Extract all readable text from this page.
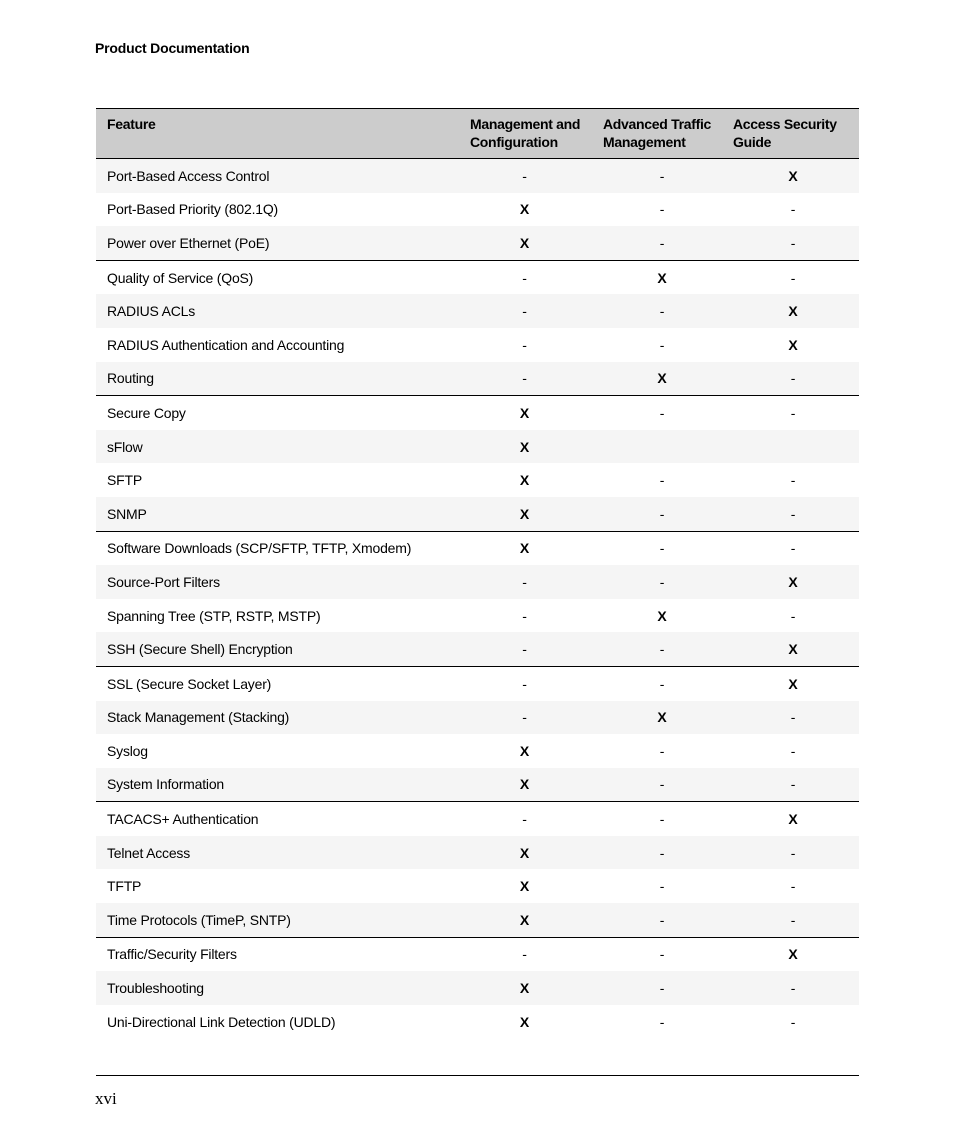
Product Documentation
Feature	Management and Configuration	Advanced Traffic Management	Access Security Guide
Port-Based Access Control	-	-	X
Port-Based Priority (802.1Q)	X	-	-
Power over Ethernet (PoE)	X	-	-
Quality of Service (QoS)	-	X	-
RADIUS ACLs	-	-	X
RADIUS Authentication and Accounting	-	-	X
Routing	-	X	-
Secure Copy	X	-	-
sFlow	X		
SFTP	X	-	-
SNMP	X	-	-
Software Downloads (SCP/SFTP, TFTP, Xmodem)	X	-	-
Source-Port Filters	-	-	X
Spanning Tree (STP, RSTP, MSTP)	-	X	-
SSH (Secure Shell) Encryption	-	-	X
SSL (Secure Socket Layer)	-	-	X
Stack Management (Stacking)	-	X	-
Syslog	X	-	-
System Information	X	-	-
TACACS+ Authentication	-	-	X
Telnet Access	X	-	-
TFTP	X	-	-
Time Protocols (TimeP, SNTP)	X	-	-
Traffic/Security Filters	-	-	X
Troubleshooting	X	-	-
Uni-Directional Link Detection (UDLD)	X	-	-
xvi
